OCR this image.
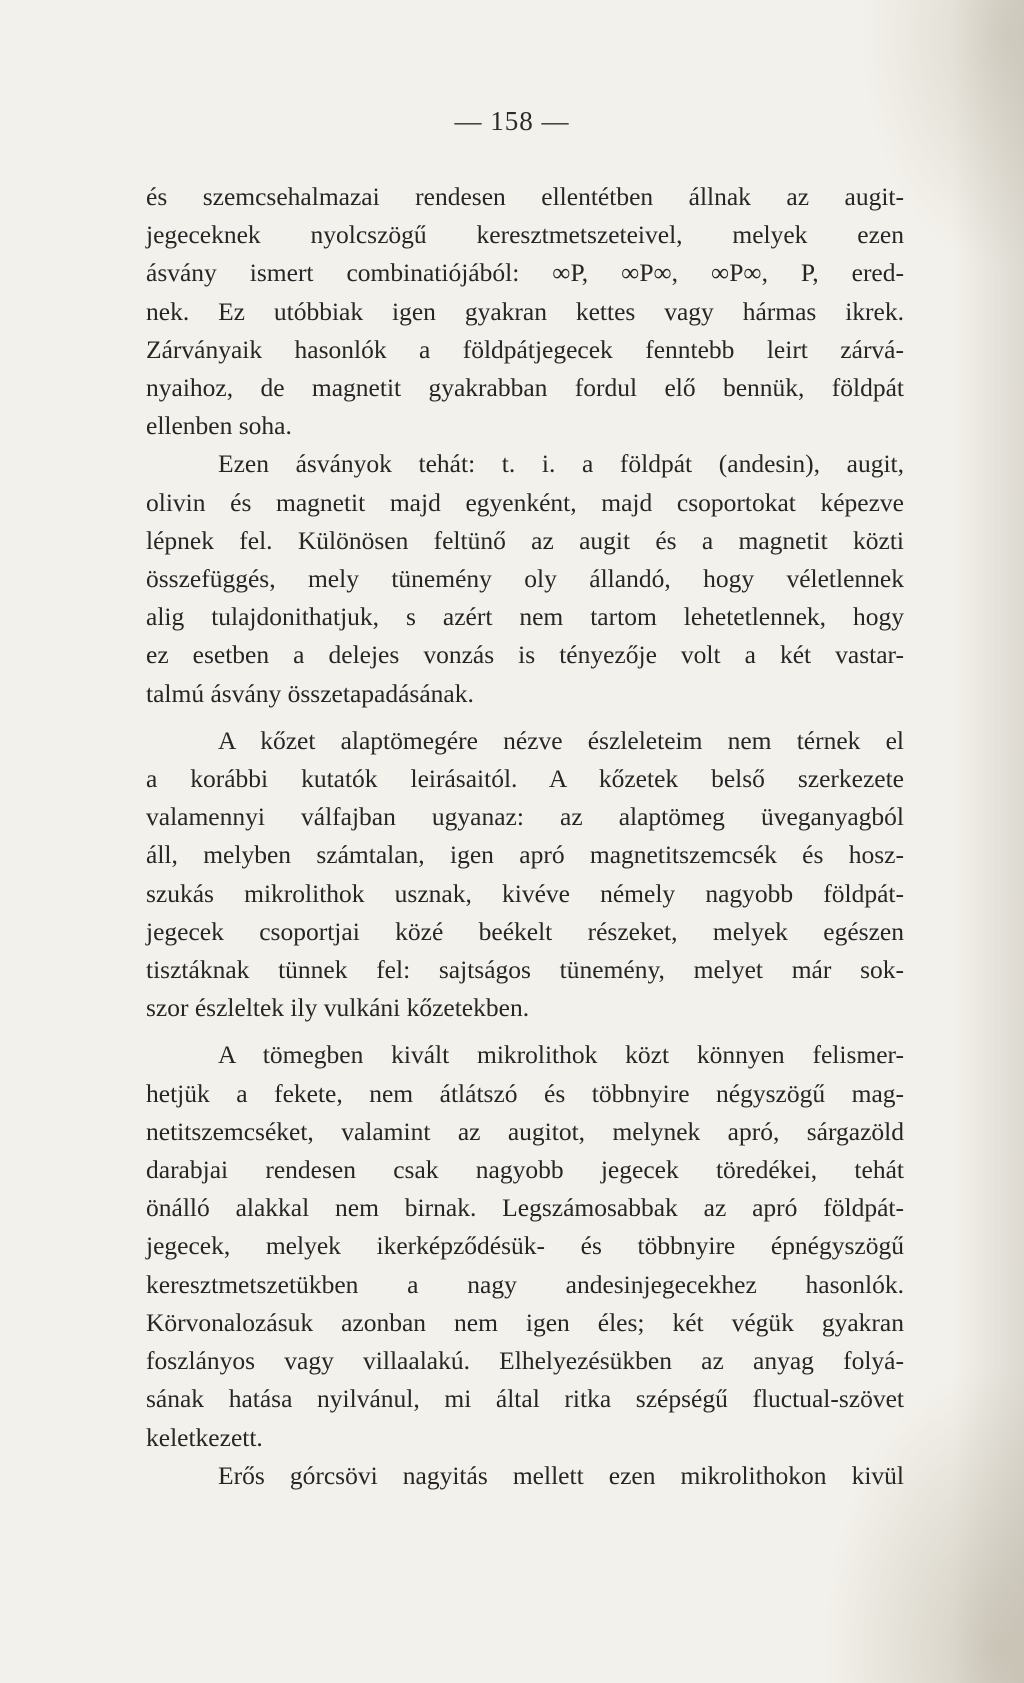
— 158 —

és szemcsehalmazai rendesen ellentétben állnak az augit-
jegeceknek nyolcszögű keresztmetszeteivel, melyek ezen
ásvány ismert combinatiójából: ∞P, ∞P∞, ∞P∞, P, ered-
nek. Ez utóbbiak igen gyakran kettes vagy hármas ikrek.
Zárványaik hasonlók a földpátjegecek fenntebb leirt zárvá-
nyaihoz, de magnetit gyakrabban fordul elő bennük, földpát
ellenben soha.

Ezen ásványok tehát: t. i. a földpát (andesin), augit,
olivin és magnetit majd egyenként, majd csoportokat képezve
lépnek fel. Különösen feltünő az augit és a magnetit közti
összefüggés, mely tünemény oly állandó, hogy véletlennek
alig tulajdonithatjuk, s azért nem tartom lehetetlennek, hogy
ez esetben a delejes vonzás is tényezője volt a két vastar-
talmú ásvány összetapadásának.

A kőzet alaptömegére nézve észleleteim nem térnek el
a korábbi kutatók leirásaitól. A kőzetek belső szerkezete
valamennyi válfajban ugyanaz: az alaptömeg üveganyagból
áll, melyben számtalan, igen apró magnetitszemcsék és hosz-
szukás mikrolithok usznak, kivéve némely nagyobb földpát-
jegecek csoportjai közé beékelt részeket, melyek egészen
tisztáknak tünnek fel: sajtságos tünemény, melyet már sok-
szor észleltek ily vulkáni kőzetekben.

A tömegben kivált mikrolithok közt könnyen felismer-
hetjük a fekete, nem átlátszó és többnyire négyszögű mag-
netitszemcséket, valamint az augitot, melynek apró, sárgazöld
darabjai rendesen csak nagyobb jegecek töredékei, tehát
önálló alakkal nem birnak. Legszámosabbak az apró földpát-
jegecek, melyek ikerképződésük- és többnyire épnégyszögű
keresztmetszetükben a nagy andesinjegecekhez hasonlók.
Körvonalozásuk azonban nem igen éles; két végük gyakran
foszlányos vagy villaalakú. Elhelyezésükben az anyag folyá-
sának hatása nyilvánul, mi által ritka szépségű fluctual-szövet
keletkezett.

Erős górcsövi nagyitás mellett ezen mikrolithokon kivül
